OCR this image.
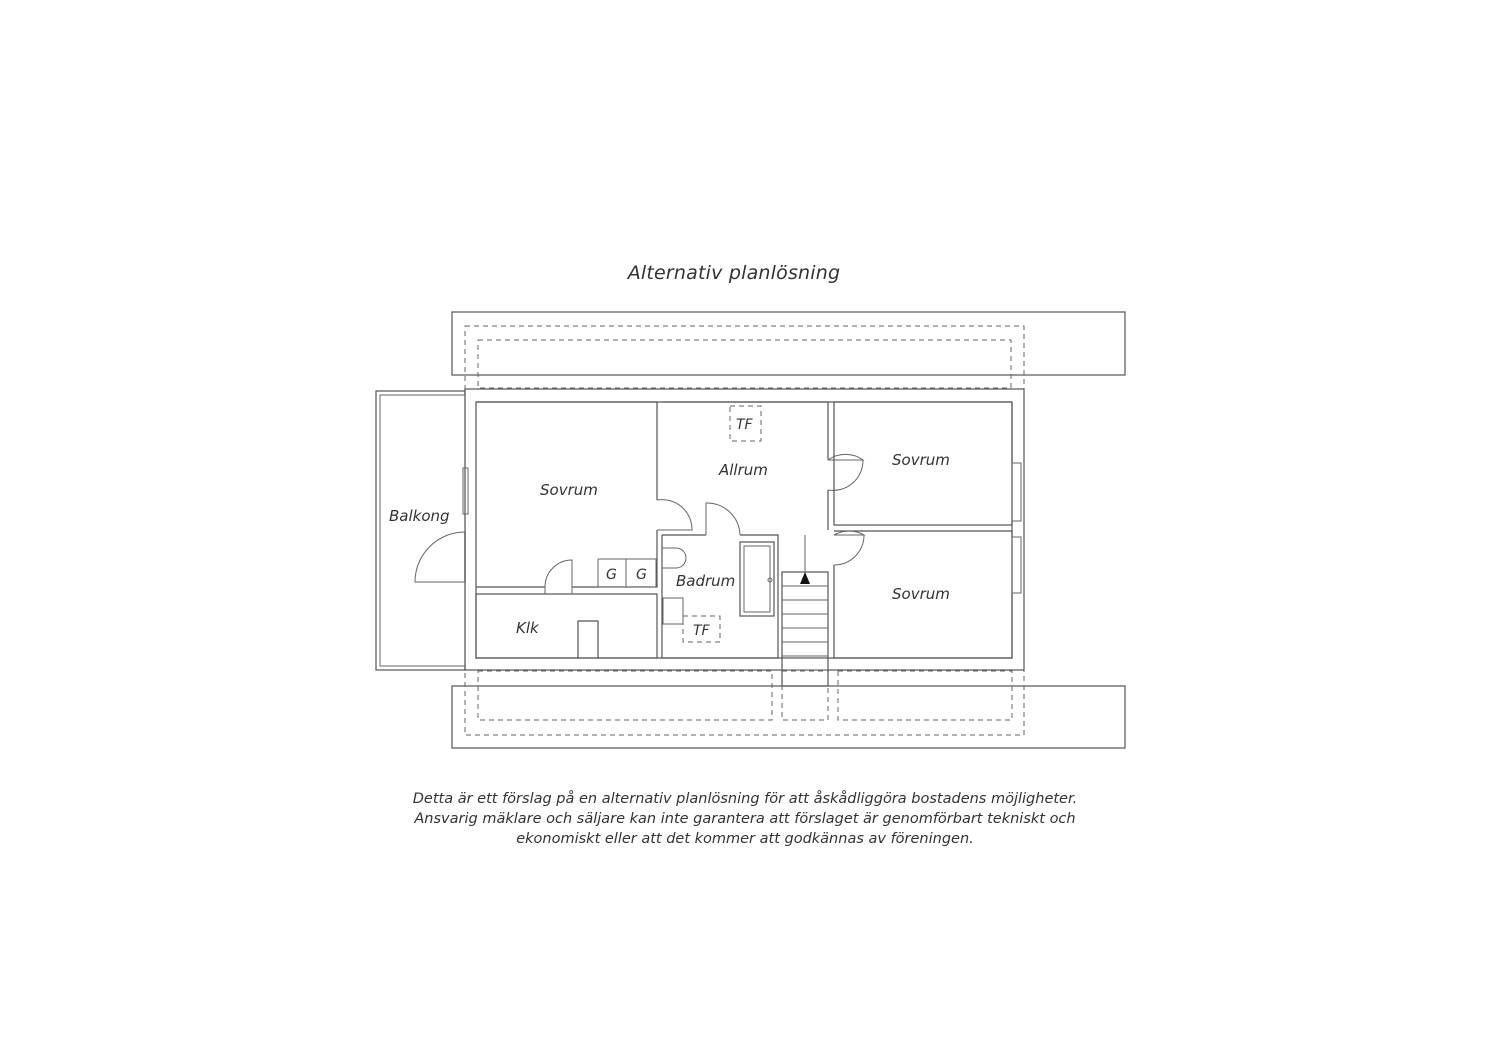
Alternativ planlösning
Sovrum
Allrum
Sovrum
Sovrum
Balkong
Badrum
Klk
TF
TF
G G
Detta är ett förslag på en alternativ planlösning för att åskådliggöra bostadens möjligheter.
Ansvarig mäklare och säljare kan inte garantera att förslaget är genomförbart tekniskt och
ekonomiskt eller att det kommer att godkännas av föreningen.
